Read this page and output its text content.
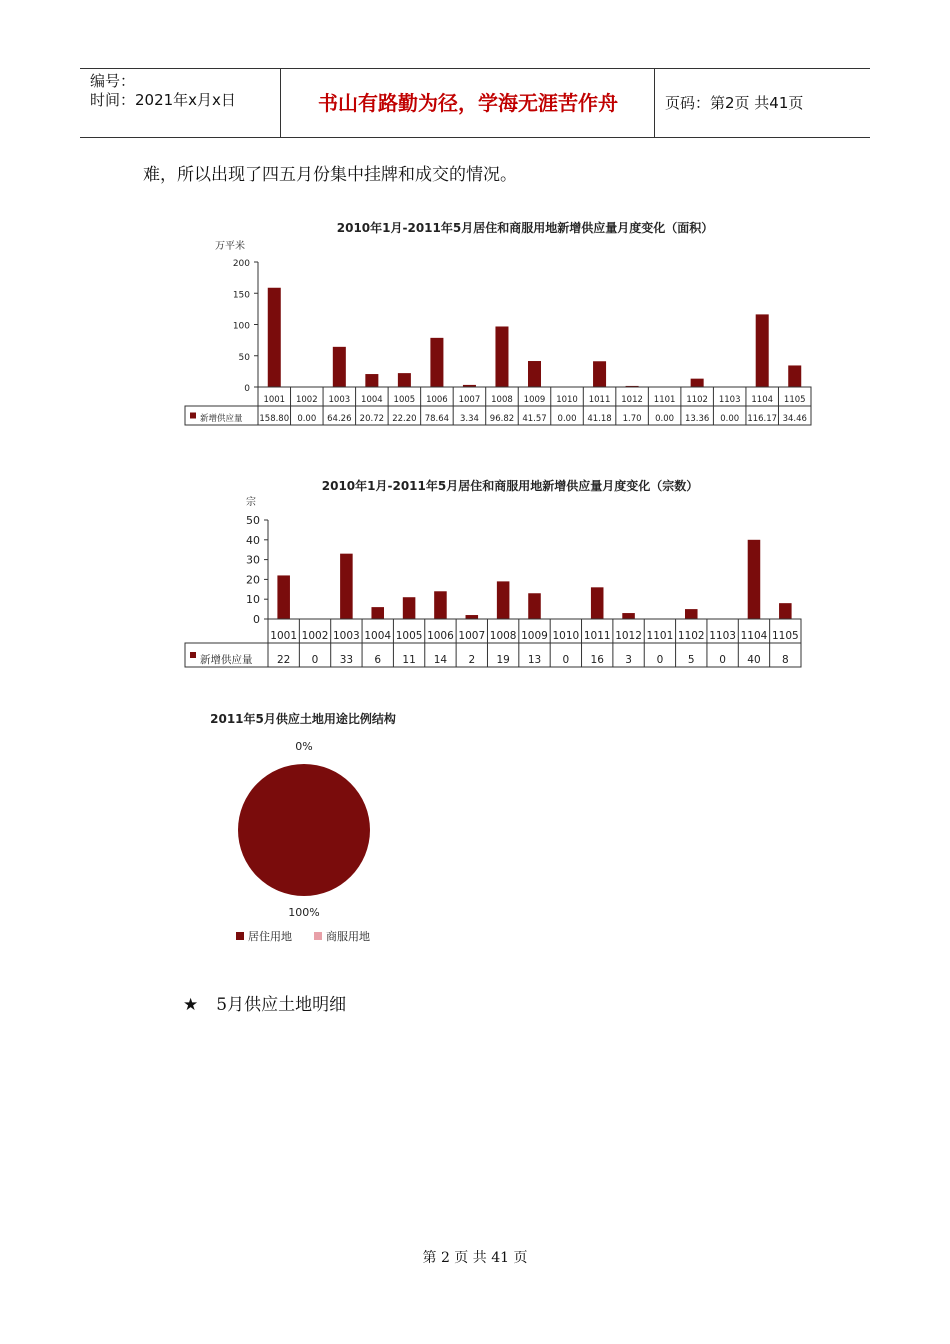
编号：
时间：2021年x月x日	书山有路勤为径，学海无涯苦作舟	页码：第2页 共41页
难，所以出现了四五月份集中挂牌和成交的情况。
2010年1月-2011年5月居住和商服用地新增供应量月度变化（面积）
万平米
200
150
100
50
0
1001 1002 1003 1004 1005 1006 1007 1008 1009 1010 1011 1012 1101 1102 1103 1104 1105
158.80 0.00 64.26 20.72 22.20 78.64 3.34 96.82 41.57 0.00 41.18 1.70 0.00 13.36 0.00 116.17 34.46
新增供应量
2010年1月-2011年5月居住和商服用地新增供应量月度变化（宗数）
宗
50
40
30
20
10
0
1001 1002 1003 1004 1005 1006 1007 1008 1009 1010 1011 1012 1101 1102 1103 1104 1105
22 0 33 6 11 14 2 19 13 0 16 3 0 5 0 40 8
新增供应量
2011年5月供应土地用途比例结构
0%
100%
居住用地	商服用地
★ 5月供应土地明细
第 2 页 共 41 页
